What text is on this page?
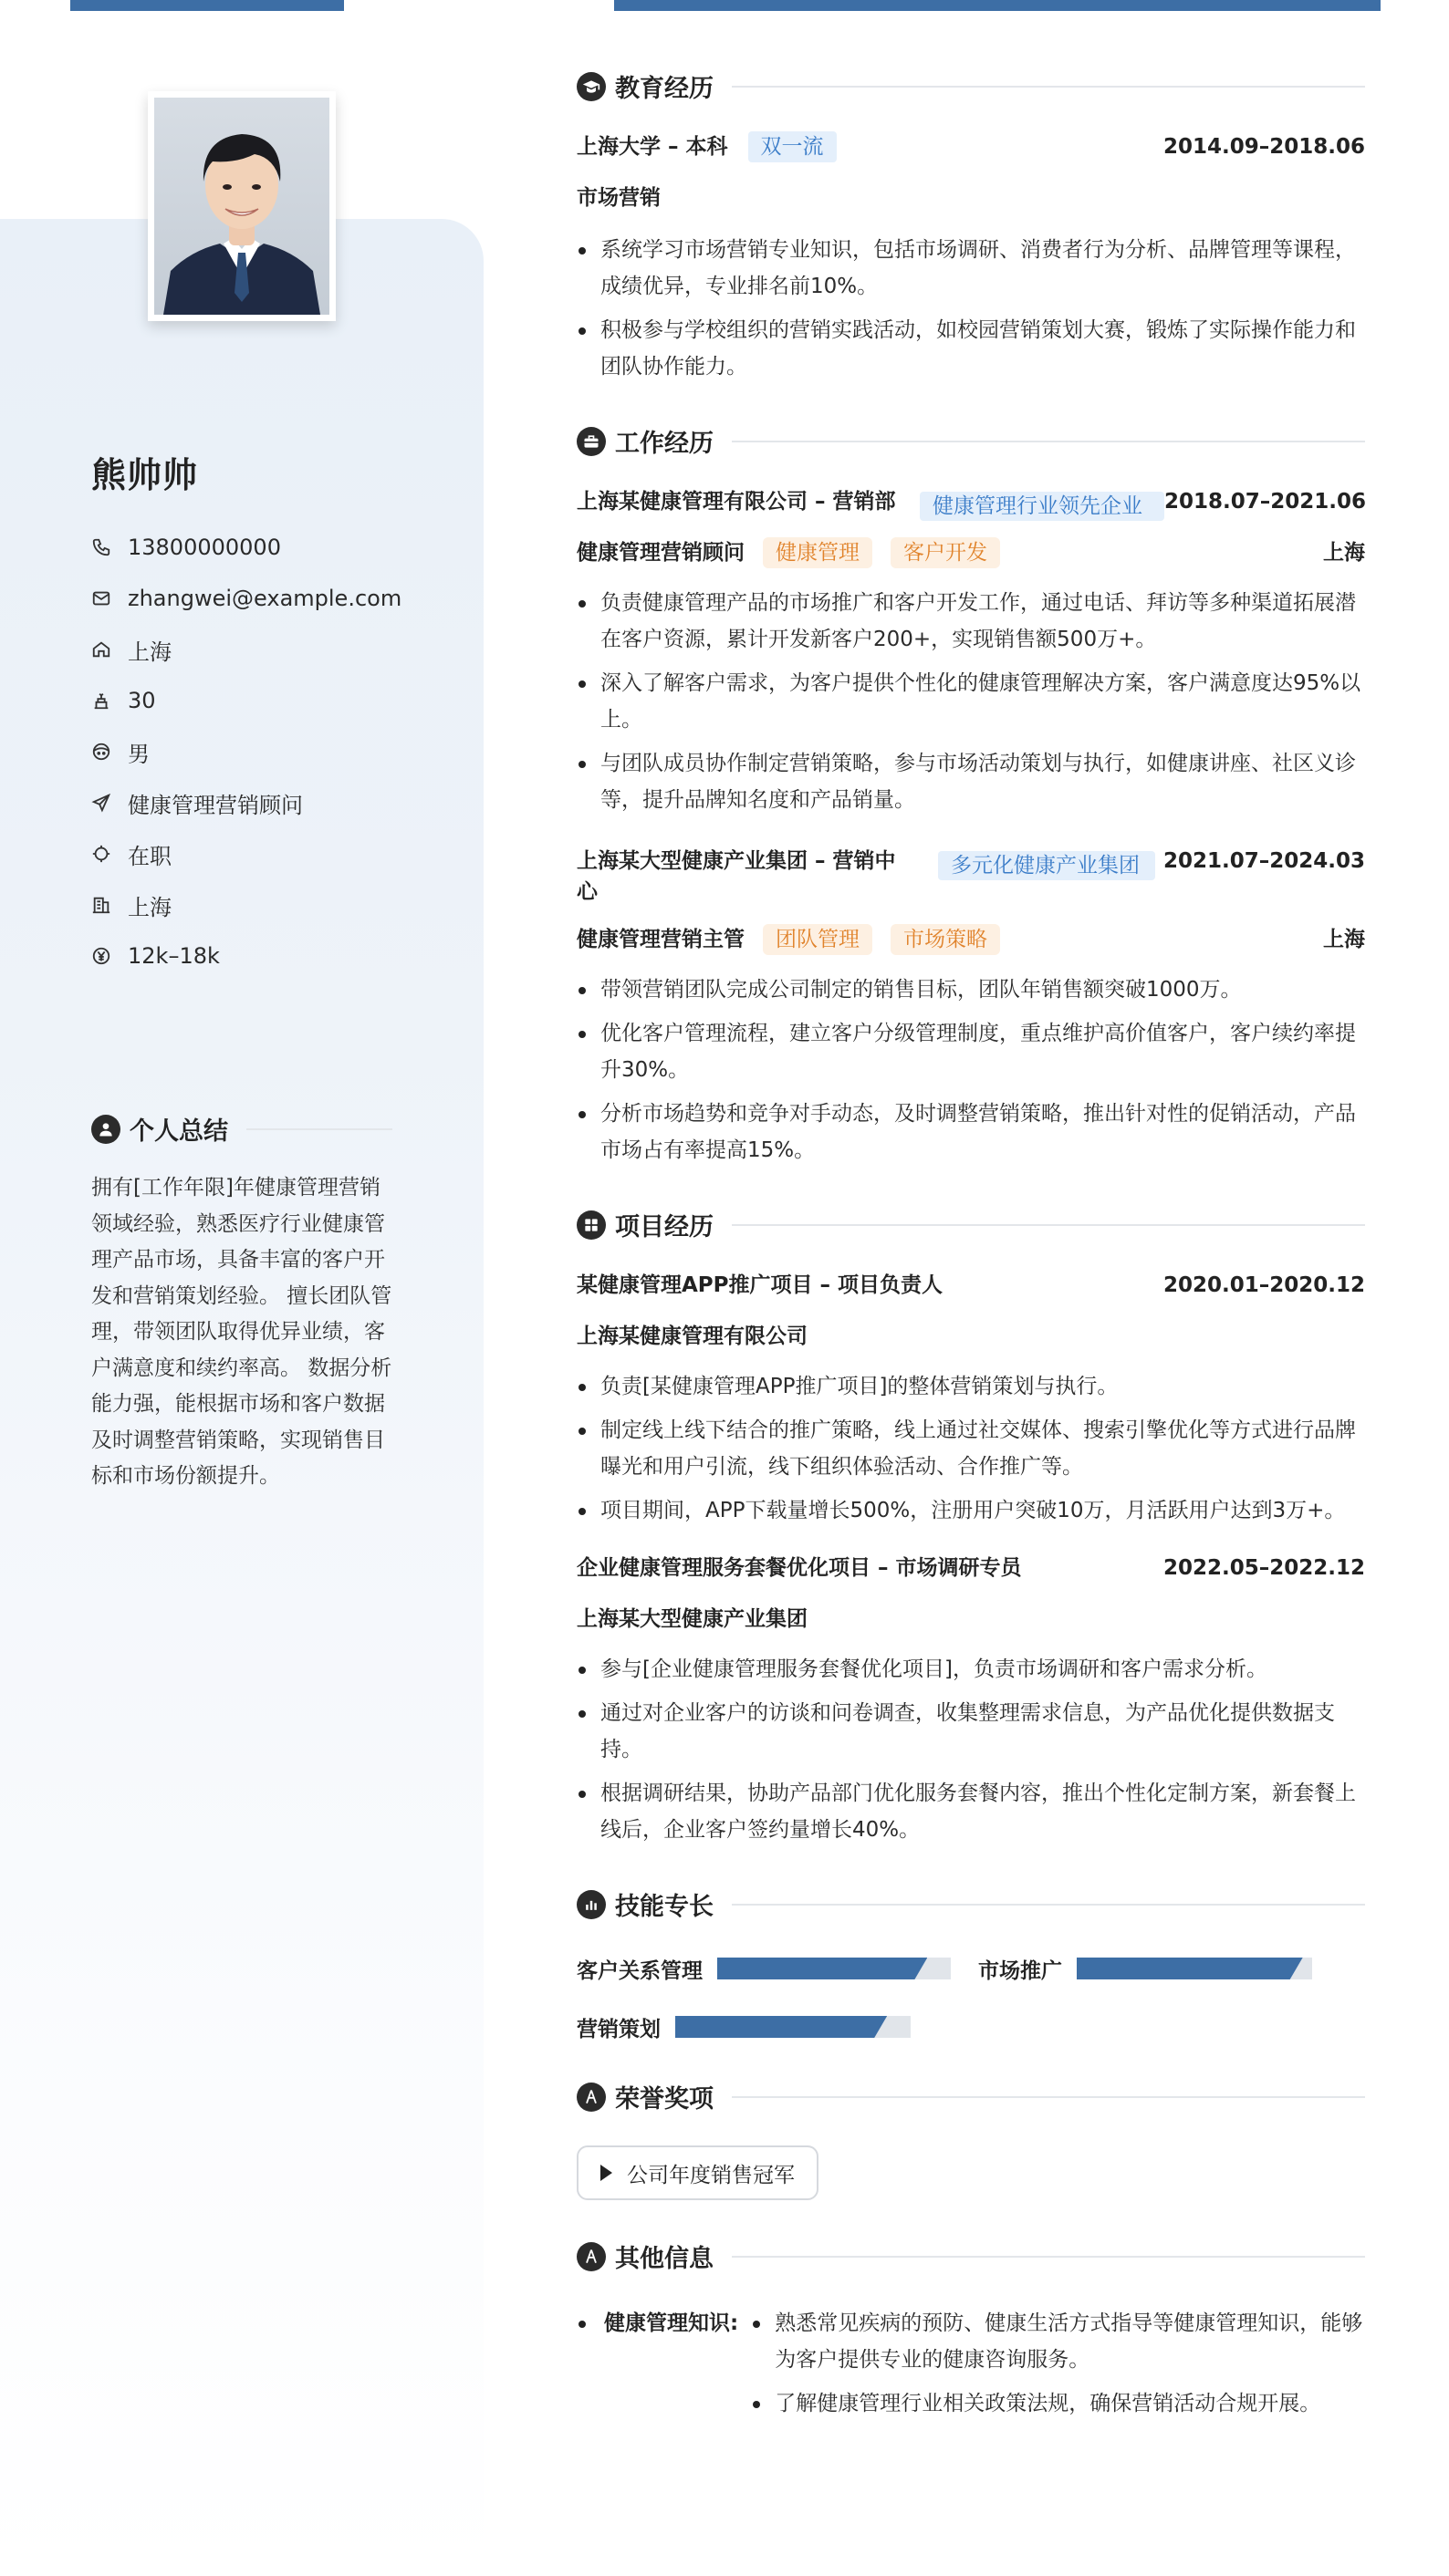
熊帅帅
13800000000
zhangwei@example.com
上海
30
男
健康管理营销顾问
在职
上海
12k–18k
个人总结
拥有[工作年限]年健康管理营销领域经验，熟悉医疗行业健康管理产品市场，具备丰富的客户开发和营销策划经验。 擅长团队管理，带领团队取得优异业绩，客户满意度和续约率高。 数据分析能力强，能根据市场和客户数据及时调整营销策略，实现销售目标和市场份额提升。
教育经历
上海大学 – 本科 双一流	2014.09–2018.06
市场营销
系统学习市场营销专业知识，包括市场调研、消费者行为分析、品牌管理等课程，成绩优异，专业排名前10%。
积极参与学校组织的营销实践活动，如校园营销策划大赛，锻炼了实际操作能力和团队协作能力。
工作经历
上海某健康管理有限公司 – 营销部	健康管理行业领先企业	2018.07–2021.06
健康管理营销顾问 健康管理 客户开发	上海
负责健康管理产品的市场推广和客户开发工作，通过电话、拜访等多种渠道拓展潜在客户资源，累计开发新客户200+，实现销售额500万+。
深入了解客户需求，为客户提供个性化的健康管理解决方案，客户满意度达95%以上。
与团队成员协作制定营销策略，参与市场活动策划与执行，如健康讲座、社区义诊等，提升品牌知名度和产品销量。
上海某大型健康产业集团 – 营销中心
多元化健康产业集团	2021.07–2024.03
健康管理营销主管 团队管理 市场策略	上海
带领营销团队完成公司制定的销售目标，团队年销售额突破1000万。
优化客户管理流程，建立客户分级管理制度，重点维护高价值客户，客户续约率提升30%。
分析市场趋势和竞争对手动态，及时调整营销策略，推出针对性的促销活动，产品市场占有率提高15%。
项目经历
某健康管理APP推广项目 – 项目负责人	2020.01–2020.12
上海某健康管理有限公司
负责[某健康管理APP推广项目]的整体营销策划与执行。
制定线上线下结合的推广策略，线上通过社交媒体、搜索引擎优化等方式进行品牌曝光和用户引流，线下组织体验活动、合作推广等。
项目期间，APP下载量增长500%，注册用户突破10万，月活跃用户达到3万+。
企业健康管理服务套餐优化项目 – 市场调研专员	2022.05–2022.12
上海某大型健康产业集团
参与[企业健康管理服务套餐优化项目]，负责市场调研和客户需求分析。
通过对企业客户的访谈和问卷调查，收集整理需求信息，为产品优化提供数据支持。
根据调研结果，协助产品部门优化服务套餐内容，推出个性化定制方案，新套餐上线后，企业客户签约量增长40%。
技能专长
客户关系管理	市场推广
营销策划
荣誉奖项
公司年度销售冠军
其他信息
健康管理知识:	熟悉常见疾病的预防、健康生活方式指导等健康管理知识，能够为客户提供专业的健康咨询服务。
了解健康管理行业相关政策法规，确保营销活动合规开展。
